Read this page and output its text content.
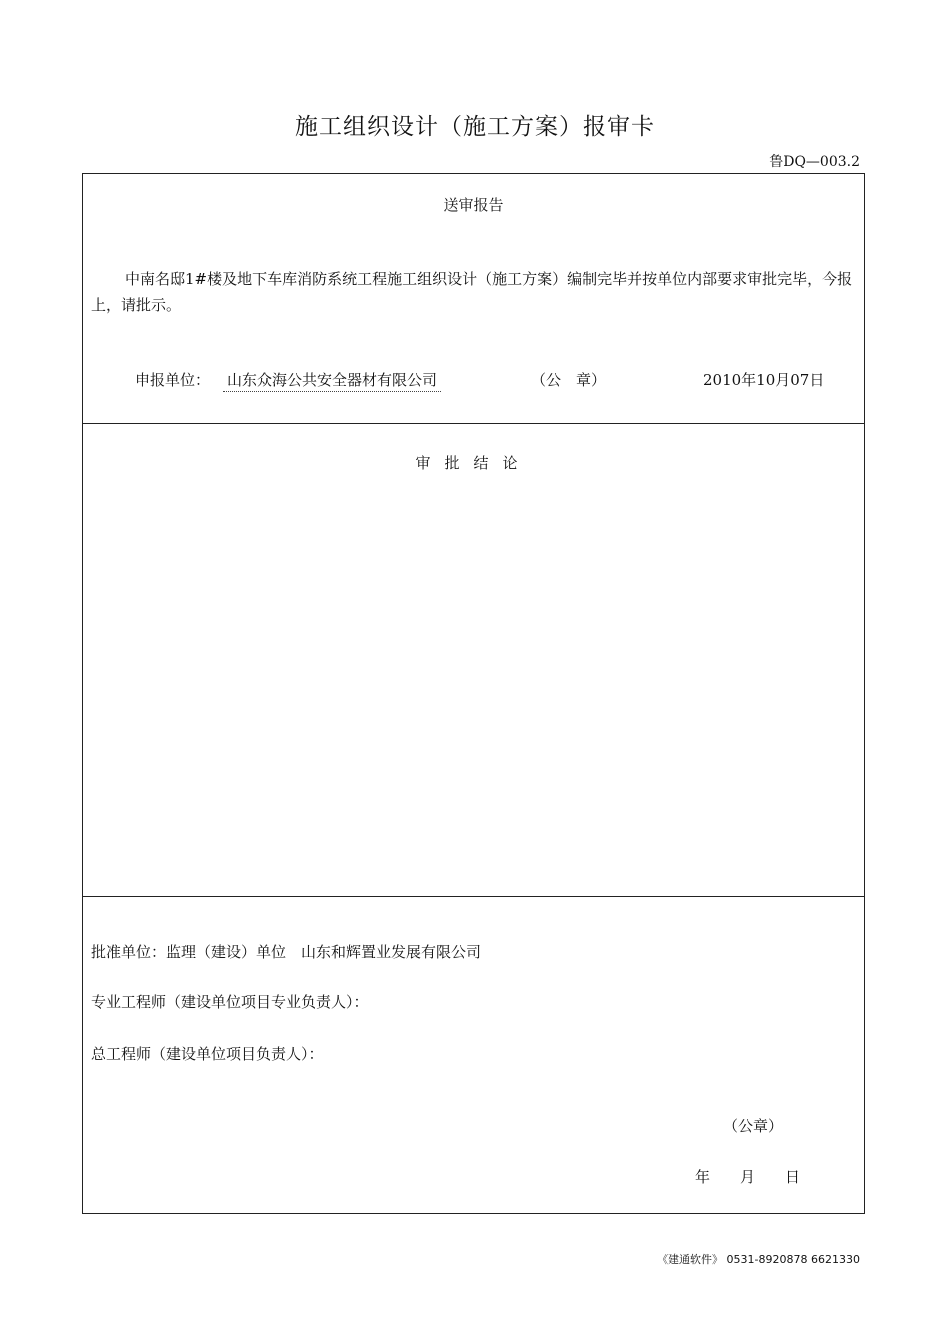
施工组织设计（施工方案）报审卡
鲁DQ—003.2
送审报告
中南名邸1#楼及地下车库消防系统工程施工组织设计（施工方案）编制完毕并按单位内部要求审批完毕，今报上，请批示。
申报单位： 山东众海公共安全器材有限公司	（公　章）	2010年10月07日
审批结论
批准单位：监理（建设）单位　山东和辉置业发展有限公司
专业工程师（建设单位项目专业负责人）：
总工程师（建设单位项目负责人）：
（公章）
年　　月　　日
《建通软件》 0531-8920878 6621330
